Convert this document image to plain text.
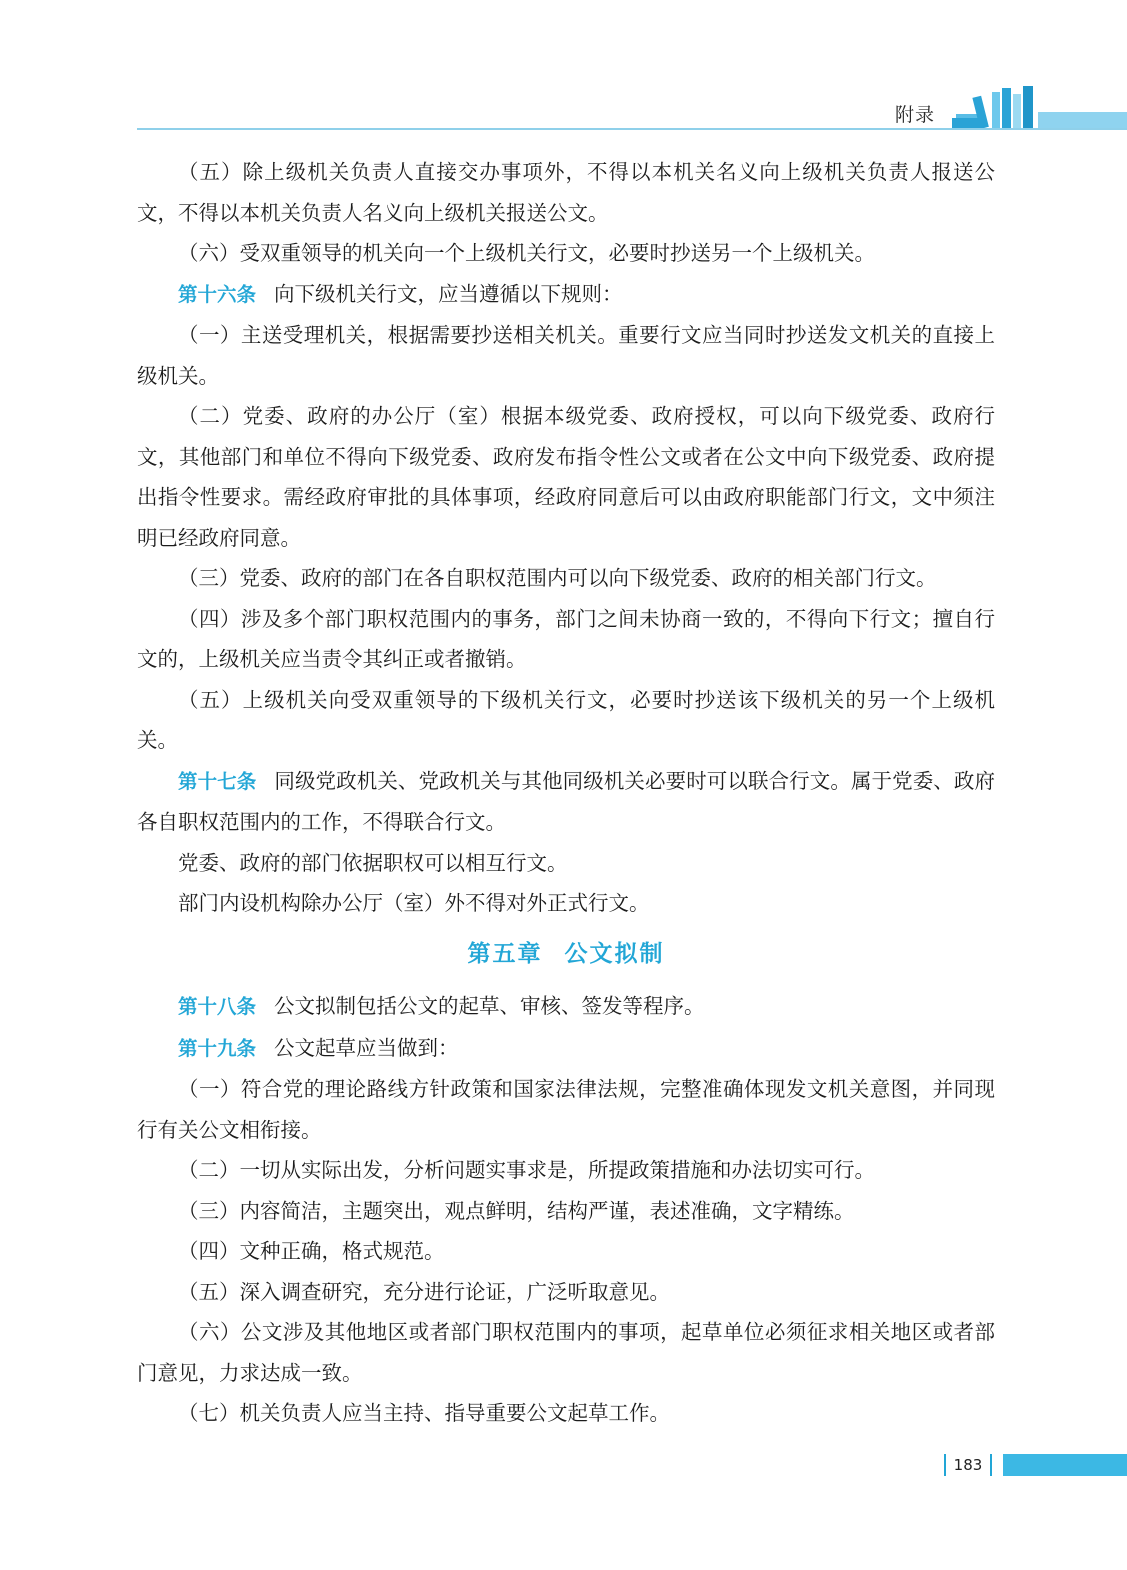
附录

（五）除上级机关负责人直接交办事项外，不得以本机关名义向上级机关负责人报送公文，不得以本机关负责人名义向上级机关报送公文。

（六）受双重领导的机关向一个上级机关行文，必要时抄送另一个上级机关。

第十六条 向下级机关行文，应当遵循以下规则：

（一）主送受理机关，根据需要抄送相关机关。重要行文应当同时抄送发文机关的直接上级机关。

（二）党委、政府的办公厅（室）根据本级党委、政府授权，可以向下级党委、政府行文，其他部门和单位不得向下级党委、政府发布指令性公文或者在公文中向下级党委、政府提出指令性要求。需经政府审批的具体事项，经政府同意后可以由政府职能部门行文，文中须注明已经政府同意。

（三）党委、政府的部门在各自职权范围内可以向下级党委、政府的相关部门行文。

（四）涉及多个部门职权范围内的事务，部门之间未协商一致的，不得向下行文；擅自行文的，上级机关应当责令其纠正或者撤销。

（五）上级机关向受双重领导的下级机关行文，必要时抄送该下级机关的另一个上级机关。

第十七条 同级党政机关、党政机关与其他同级机关必要时可以联合行文。属于党委、政府各自职权范围内的工作，不得联合行文。

党委、政府的部门依据职权可以相互行文。

部门内设机构除办公厅（室）外不得对外正式行文。

第五章 公文拟制

第十八条 公文拟制包括公文的起草、审核、签发等程序。

第十九条 公文起草应当做到：

（一）符合党的理论路线方针政策和国家法律法规，完整准确体现发文机关意图，并同现行有关公文相衔接。

（二）一切从实际出发，分析问题实事求是，所提政策措施和办法切实可行。

（三）内容简洁，主题突出，观点鲜明，结构严谨，表述准确，文字精练。

（四）文种正确，格式规范。

（五）深入调查研究，充分进行论证，广泛听取意见。

（六）公文涉及其他地区或者部门职权范围内的事项，起草单位必须征求相关地区或者部门意见，力求达成一致。

（七）机关负责人应当主持、指导重要公文起草工作。

183
